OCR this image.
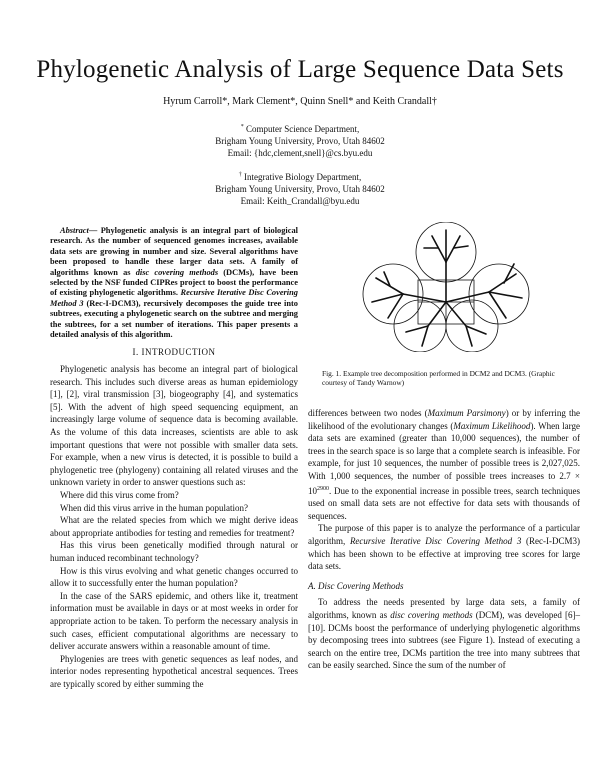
Phylogenetic Analysis of Large Sequence Data Sets
Hyrum Carroll*, Mark Clement*, Quinn Snell* and Keith Crandall†
* Computer Science Department,
Brigham Young University, Provo, Utah 84602
Email: {hdc,clement,snell}@cs.byu.edu
† Integrative Biology Department,
Brigham Young University, Provo, Utah 84602
Email: Keith_Crandall@byu.edu

Abstract— Phylogenetic analysis is an integral part of biological research. As the number of sequenced genomes increases, available data sets are growing in number and size. Several algorithms have been proposed to handle these larger data sets. A family of algorithms known as disc covering methods (DCMs), have been selected by the NSF funded CIPRes project to boost the performance of existing phylogenetic algorithms. Recursive Iterative Disc Covering Method 3 (Rec-I-DCM3), recursively decomposes the guide tree into subtrees, executing a phylogenetic search on the subtree and merging the subtrees, for a set number of iterations. This paper presents a detailed analysis of this algorithm.

I. INTRODUCTION

Phylogenetic analysis has become an integral part of biological research. This includes such diverse areas as human epidemiology [1], [2], viral transmission [3], biogeography [4], and systematics [5]. With the advent of high speed sequencing equipment, an increasingly large volume of sequence data is becoming available. As the volume of this data increases, scientists are able to ask important questions that were not possible with smaller data sets. For example, when a new virus is detected, it is possible to build a phylogenetic tree (phylogeny) containing all related viruses and the unknown variety in order to answer questions such as:

Where did this virus come from?

When did this virus arrive in the human population?

What are the related species from which we might derive ideas about appropriate antibodies for testing and remedies for treatment?

Has this virus been genetically modified through natural or human induced recombinant technology?

How is this virus evolving and what genetic changes occurred to allow it to successfully enter the human population?

In the case of the SARS epidemic, and others like it, treatment information must be available in days or at most weeks in order for appropriate action to be taken. To perform the necessary analysis in such cases, efficient computational algorithms are necessary to deliver accurate answers within a reasonable amount of time.

Phylogenies are trees with genetic sequences as leaf nodes, and interior nodes representing hypothetical ancestral sequences. Trees are typically scored by either summing the

Fig. 1. Example tree decomposition performed in DCM2 and DCM3. (Graphic courtesy of Tandy Warnow)

differences between two nodes (Maximum Parsimony) or by inferring the likelihood of the evolutionary changes (Maximum Likelihood). When large data sets are examined (greater than 10,000 sequences), the number of trees in the search space is so large that a complete search is infeasible. For example, for just 10 sequences, the number of possible trees is 2,027,025. With 1,000 sequences, the number of possible trees increases to $2.7 \times 10^{2900}$. Due to the exponential increase in possible trees, search techniques used on small data sets are not effective for data sets with thousands of sequences.

The purpose of this paper is to analyze the performance of a particular algorithm, Recursive Iterative Disc Covering Method 3 (Rec-I-DCM3) which has been shown to be effective at improving tree scores for large data sets.

A. Disc Covering Methods

To address the needs presented by large data sets, a family of algorithms, known as disc covering methods (DCM), was developed [6]–[10]. DCMs boost the performance of underlying phylogenetic algorithms by decomposing trees into subtrees (see Figure 1). Instead of executing a search on the entire tree, DCMs partition the tree into many subtrees that can be easily searched. Since the sum of the number of
